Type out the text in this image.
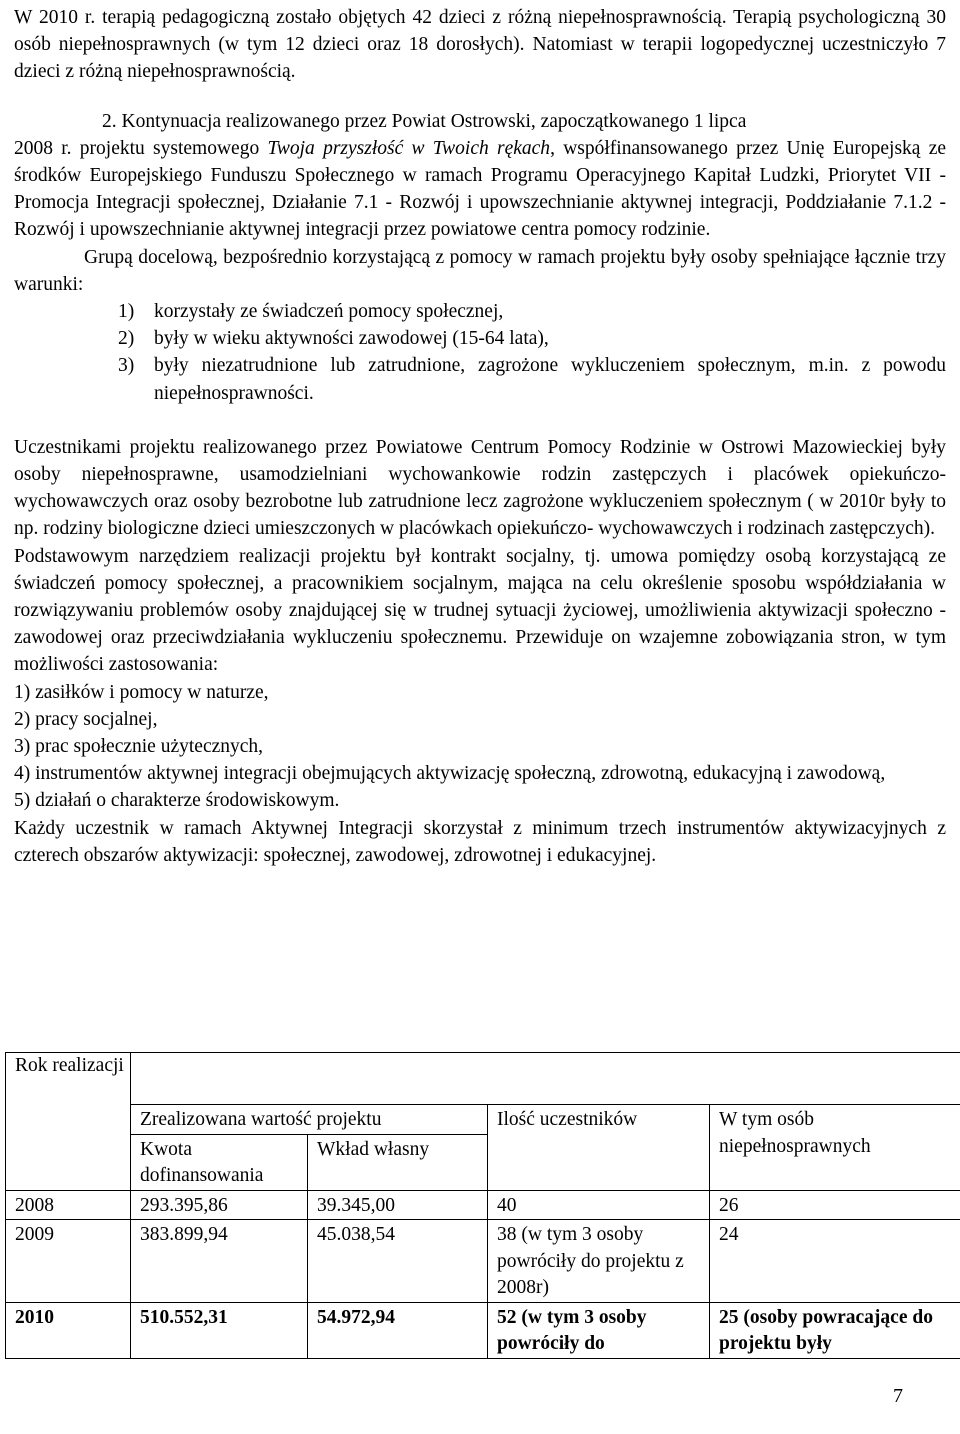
W 2010 r. terapią pedagogiczną zostało objętych 42 dzieci z różną niepełnosprawnością. Terapią psychologiczną 30 osób niepełnosprawnych (w tym 12 dzieci oraz 18 dorosłych). Natomiast w terapii logopedycznej uczestniczyło 7 dzieci z różną niepełnosprawnością.

2. Kontynuacja realizowanego przez Powiat Ostrowski, zapoczątkowanego 1 lipca

2008 r. projektu systemowego Twoja przyszłość w Twoich rękach, współfinansowanego przez Unię Europejską ze środków Europejskiego Funduszu Społecznego w ramach Programu Operacyjnego Kapitał Ludzki, Priorytet VII - Promocja Integracji społecznej, Działanie 7.1 - Rozwój i upowszechnianie aktywnej integracji, Poddziałanie 7.1.2 - Rozwój i upowszechnianie aktywnej integracji przez powiatowe centra pomocy rodzinie.

Grupą docelową, bezpośrednio korzystającą z pomocy w ramach projektu były osoby spełniające łącznie trzy warunki:

1) korzystały ze świadczeń pomocy społecznej,
2) były w wieku aktywności zawodowej (15-64 lata),
3) były niezatrudnione lub zatrudnione, zagrożone wykluczeniem społecznym, m.in. z powodu niepełnosprawności.

Uczestnikami projektu realizowanego przez Powiatowe Centrum Pomocy Rodzinie w Ostrowi Mazowieckiej były osoby niepełnosprawne, usamodzielniani wychowankowie rodzin zastępczych i placówek opiekuńczo- wychowawczych oraz osoby bezrobotne lub zatrudnione lecz zagrożone wykluczeniem społecznym ( w 2010r były to np. rodziny biologiczne dzieci umieszczonych w placówkach opiekuńczo- wychowawczych i rodzinach zastępczych).

Podstawowym narzędziem realizacji projektu był kontrakt socjalny, tj. umowa pomiędzy osobą korzystającą ze świadczeń pomocy społecznej, a pracownikiem socjalnym, mająca na celu określenie sposobu współdziałania w rozwiązywaniu problemów osoby znajdującej się w trudnej sytuacji życiowej, umożliwienia aktywizacji społeczno - zawodowej oraz przeciwdziałania wykluczeniu społecznemu. Przewiduje on wzajemne zobowiązania stron, w tym możliwości zastosowania:

1) zasiłków i pomocy w naturze,
2) pracy socjalnej,
3) prac społecznie użytecznych,
4) instrumentów aktywnej integracji obejmujących aktywizację społeczną, zdrowotną, edukacyjną i zawodową,
5) działań o charakterze środowiskowym.

Każdy uczestnik w ramach Aktywnej Integracji skorzystał z minimum trzech instrumentów aktywizacyjnych z czterech obszarów aktywizacji: społecznej, zawodowej, zdrowotnej i edukacyjnej.

Rok realizacji				
	Zrealizowana wartość projektu		Ilość uczestników	W tym osób niepełnosprawnych
	Kwota dofinansowania	Wkład własny		
2008	293.395,86	39.345,00	40	26
2009	383.899,94	45.038,54	38 (w tym 3 osoby powróciły do projektu z 2008r)	24
2010	510.552,31	54.972,94	52 (w tym 3 osoby powróciły do	25 (osoby powracające do projektu były
7
